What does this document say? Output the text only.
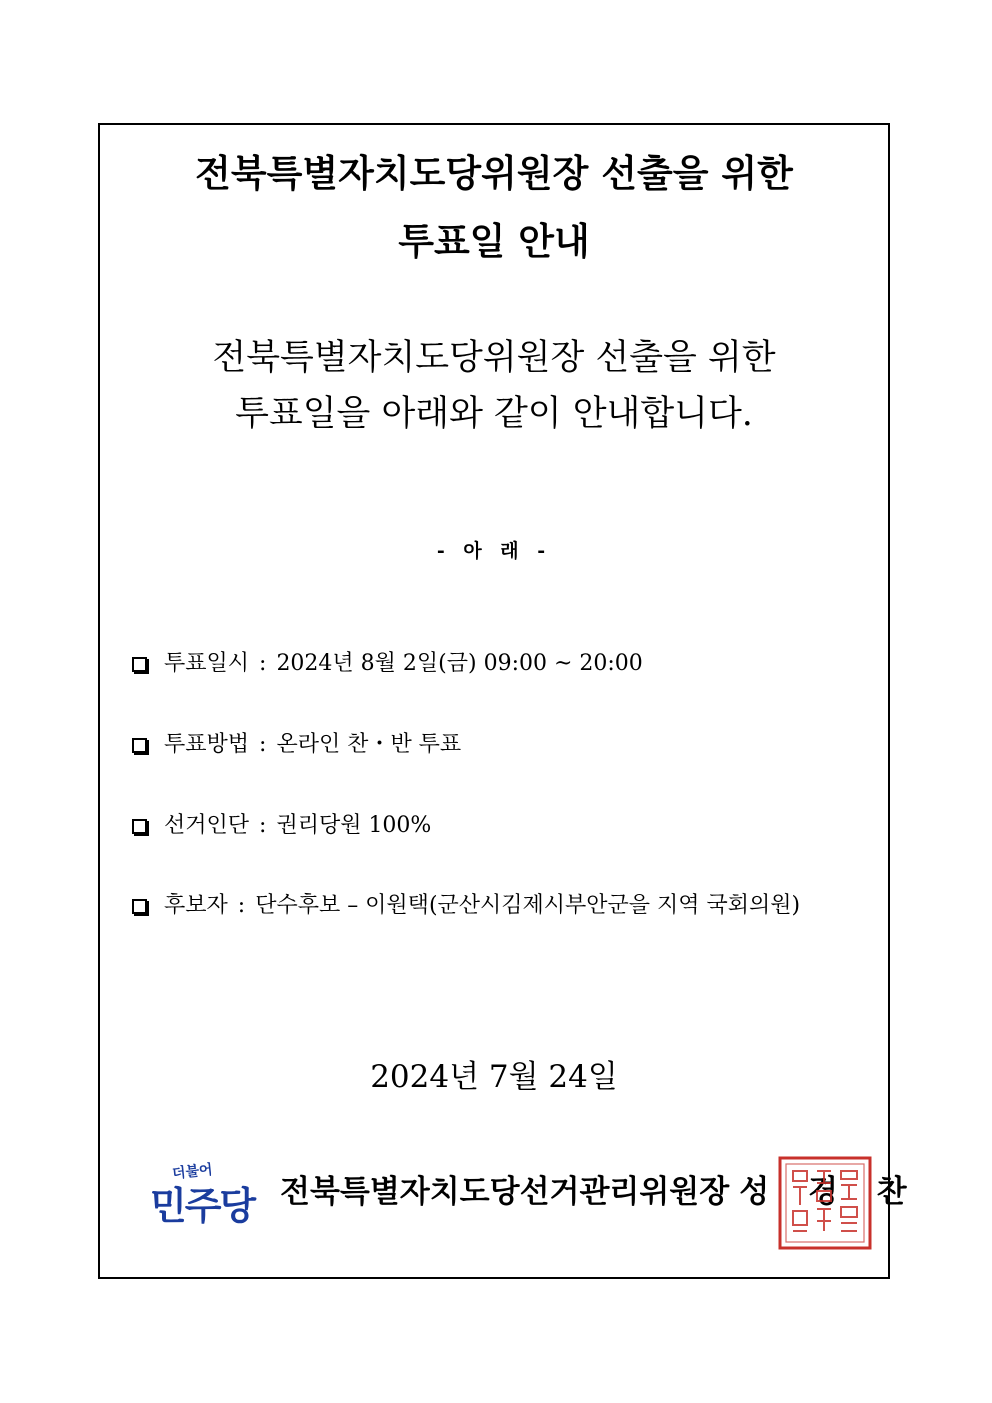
전북특별자치도당위원장 선출을 위한
투표일 안내
전북특별자치도당위원장 선출을 위한
투표일을 아래와 같이 안내합니다.
- 아 래 -
투표일시 : 2024년 8월 2일(금) 09:00 ~ 20:00
투표방법 : 온라인 찬・반 투표
선거인단 : 권리당원 100%
후보자 : 단수후보 – 이원택(군산시김제시부안군을 지역 국회의원)
2024년 7월 24일
더불어
민주당 전북특별자치도당선거관리위원장 성 경 찬
